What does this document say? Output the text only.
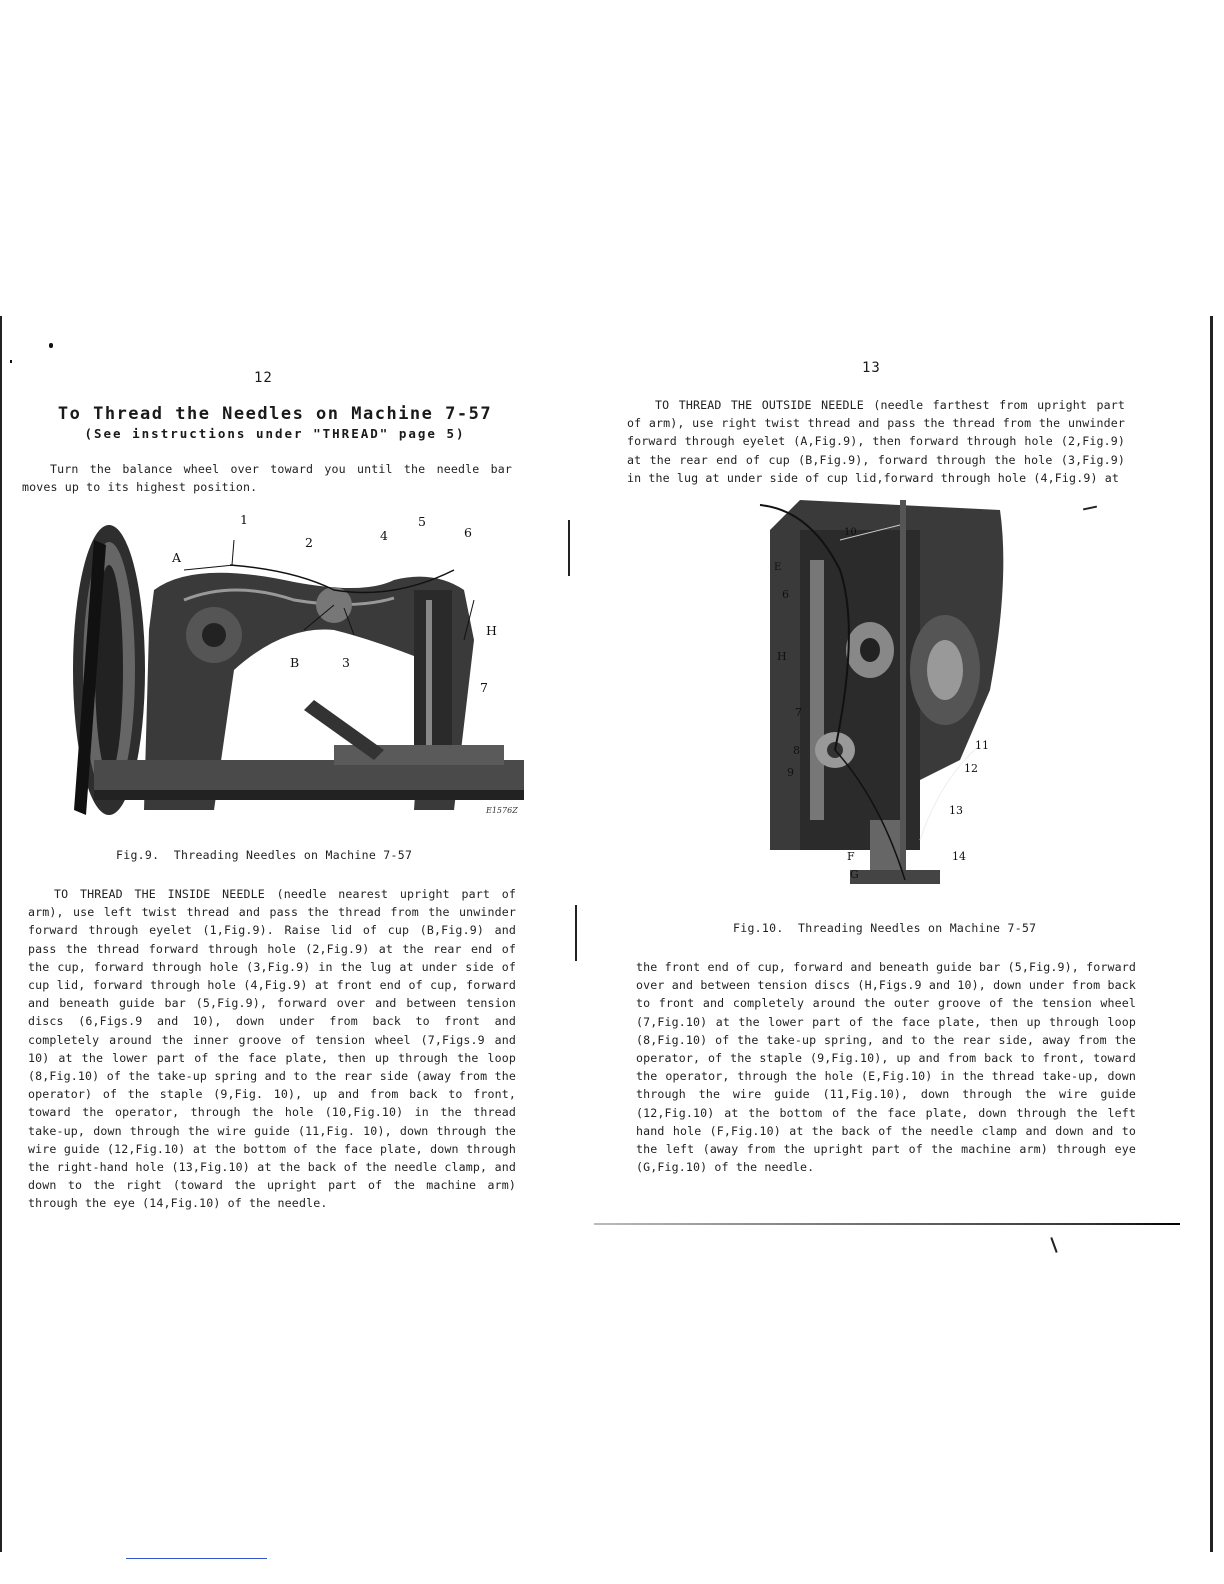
12
To Thread the Needles on Machine 7-57
(See instructions under "THREAD" page 5)
Turn the balance wheel over toward you until the needle bar moves up to its highest position.
1
2	4
5
6
A
H
B	3
7
E1576Z
Fig.9.  Threading Needles on Machine 7-57
TO THREAD THE INSIDE NEEDLE (needle nearest upright part of arm), use left twist thread and pass the thread from the unwinder forward through eyelet (1,Fig.9). Raise lid of cup (B,Fig.9) and pass the thread forward through hole (2,Fig.9) at the rear end of the cup, forward through hole (3,Fig.9) in the lug at under side of cup lid, forward through hole (4,Fig.9) at front end of cup, forward and beneath guide bar (5,Fig.9), forward over and between tension discs (6,Figs.9 and 10), down under from back to front and completely around the inner groove of tension wheel (7,Figs.9 and 10) at the lower part of the face plate, then up through the loop (8,Fig.10) of the take-up spring and to the rear side (away from the operator) of the staple (9,Fig. 10), up and from back to front, toward the operator, through the hole (10,Fig.10) in the thread take-up, down through the wire guide (11,Fig. 10), down through the wire guide (12,Fig.10) at the bottom of the face plate, down through the right-hand hole (13,Fig.10) at the back of the needle clamp, and down to the right (toward the upright part of the machine arm) through the eye (14,Fig.10) of the needle.
13
TO THREAD THE OUTSIDE NEEDLE (needle farthest from upright part of arm), use right twist thread and pass the thread from the unwinder forward through eyelet (A,Fig.9), then forward through hole (2,Fig.9) at the rear end of cup (B,Fig.9), forward through the hole (3,Fig.9) in the lug at under side of cup lid,forward through hole (4,Fig.9) at
10
E
6
H
7
8
9
11
12
13
14
F
G
Fig.10.  Threading Needles on Machine 7-57
the front end of cup, forward and beneath guide bar (5,Fig.9), forward over and between tension discs (H,Figs.9 and 10), down under from back to front and completely around the outer groove of the tension wheel (7,Fig.10) at the lower part of the face plate, then up through loop (8,Fig.10) of the take-up spring, and to the rear side, away from the operator, of the staple (9,Fig.10), up and from back to front, toward the operator, through the hole (E,Fig.10) in the thread take-up, down through the wire guide (11,Fig.10), down through the wire guide (12,Fig.10) at the bottom of the face plate, down through the left hand hole (F,Fig.10) at the back of the needle clamp and down and to the left (away from the upright part of the machine arm) through eye (G,Fig.10) of the needle.
